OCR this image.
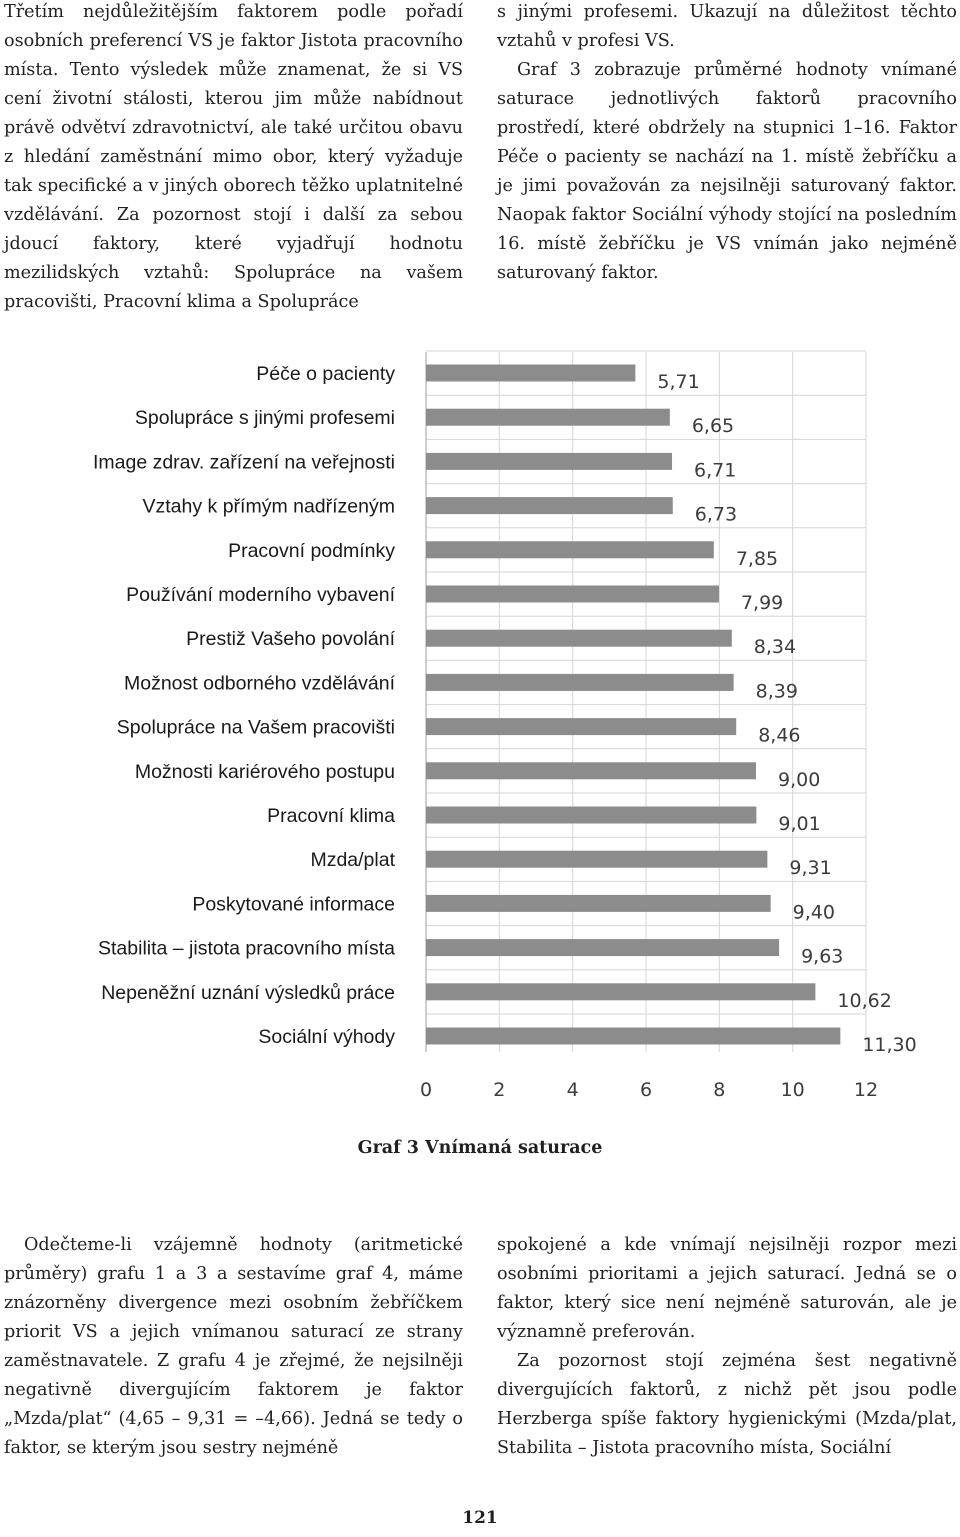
Třetím nejdůležitějším faktorem podle pořadí osobních preferencí VS je faktor Jistota pracovního místa. Tento výsledek může znamenat, že si VS cení životní stálosti, kterou jim může nabídnout právě odvětví zdravotnictví, ale také určitou obavu z hledání zaměstnání mimo obor, který vyžaduje tak specifické a v jiných oborech těžko uplatnitelné vzdělávání. Za pozornost stojí i další za sebou jdoucí faktory, které vyjadřují hodnotu mezilidských vztahů: Spolupráce na vašem pracovišti, Pracovní klima a Spolupráce

s jinými profesemi. Ukazují na důležitost těchto vztahů v profesi VS.

Graf 3 zobrazuje průměrné hodnoty vnímané saturace jednotlivých faktorů pracovního prostředí, které obdržely na stupnici 1–16. Faktor Péče o pacienty se nachází na 1. místě žebříčku a je jimi považován za nejsilněji saturovaný faktor. Naopak faktor Sociální výhody stojící na posledním 16. místě žebříčku je VS vnímán jako nejméně saturovaný faktor.

Péče o pacienty
Spolupráce s jinými profesemi
Image zdrav. zařízení na veřejnosti
Vztahy k přímým nadřízeným
Pracovní podmínky
Používání moderního vybavení
Prestiž Vašeho povolání
Možnost odborného vzdělávání
Spolupráce na Vašem pracovišti
Možnosti kariérového postupu
Pracovní klima
Mzda/plat
Poskytované informace
Stabilita – jistota pracovního místa
Nepeněžní uznání výsledků práce
Sociální výhody
5,71
6,65
6,71
6,73
7,85
7,99
8,34
8,39
8,46
9,00
9,01
9,31
9,40
9,63
10,62
11,30
0	2	4	6	8	10	12

Graf 3 Vnímaná saturace

Odečteme-li vzájemně hodnoty (aritmetické průměry) grafu 1 a 3 a sestavíme graf 4, máme znázorněny divergence mezi osobním žebříčkem priorit VS a jejich vnímanou saturací ze strany zaměstnavatele. Z grafu 4 je zřejmé, že nejsilněji negativně divergujícím faktorem je faktor „Mzda/plat“ (4,65 – 9,31 = –4,66). Jedná se tedy o faktor, se kterým jsou sestry nejméně

spokojené a kde vnímají nejsilněji rozpor mezi osobními prioritami a jejich saturací. Jedná se o faktor, který sice není nejméně saturován, ale je významně preferován.

Za pozornost stojí zejména šest negativně divergujících faktorů, z nichž pět jsou podle Herzberga spíše faktory hygienickými (Mzda/plat, Stabilita – Jistota pracovního místa, Sociální

121
